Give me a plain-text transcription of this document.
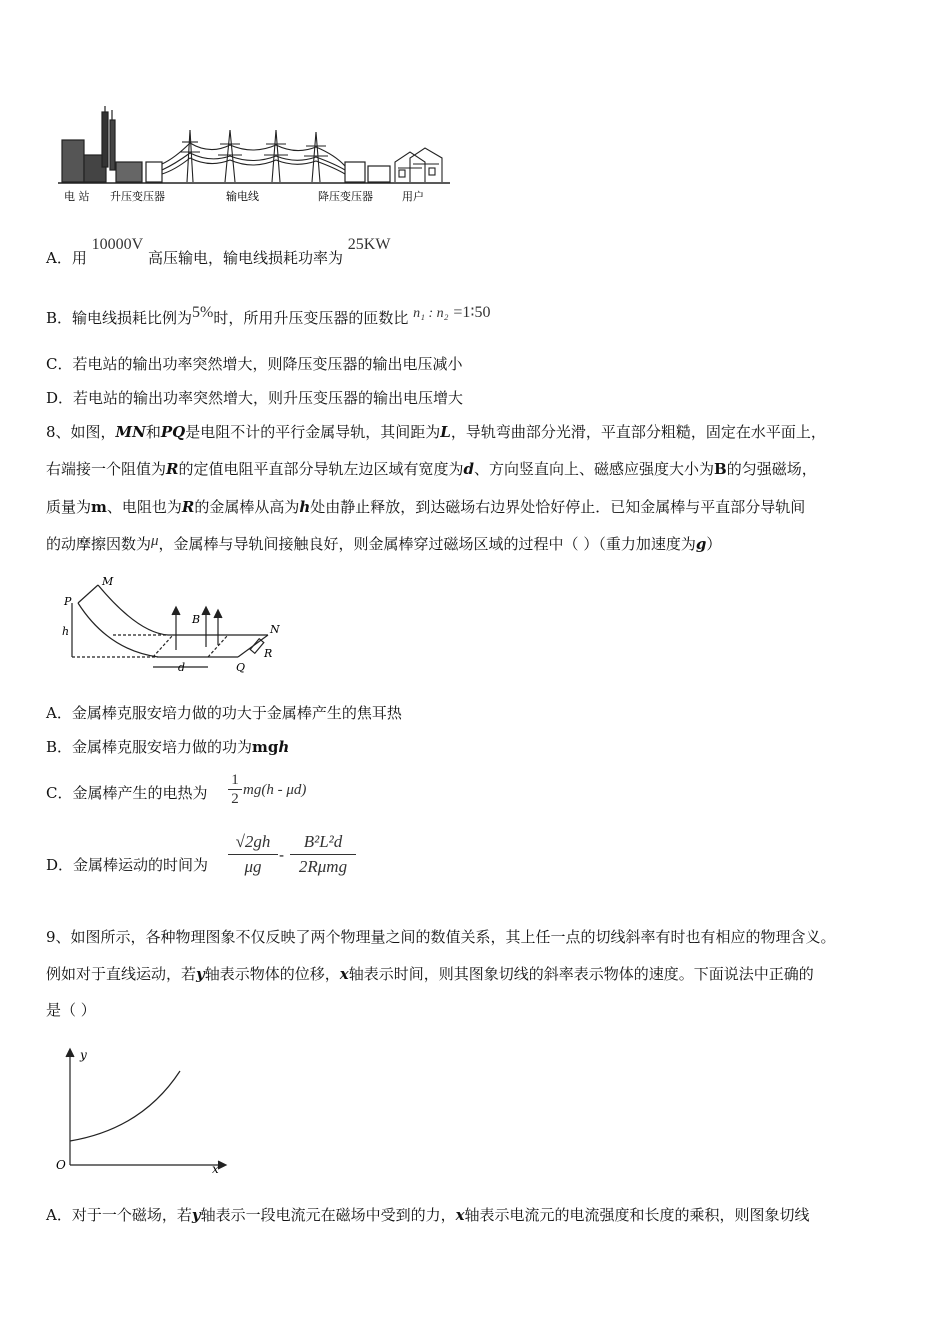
电 站 升压变压器	输电线	降压变压器	用户
A．用 10000V 高压输电，输电线损耗功率为 25KW
B．输电线损耗比例为5%时，所用升压变压器的匝数比 n₁ : n₂ =1∶50
C．若电站的输出功率突然增大，则降压变压器的输出电压减小
D．若电站的输出功率突然增大，则升压变压器的输出电压增大
8、如图，MN和PQ是电阻不计的平行金属导轨，其间距为L，导轨弯曲部分光滑，平直部分粗糙，固定在水平面上，
右端接一个阻值为R的定值电阻平直部分导轨左边区域有宽度为d、方向竖直向上、磁感应强度大小为B的匀强磁场，
质量为m、电阻也为R的金属棒从高为h处由静止释放，到达磁场右边界处恰好停止．已知金属棒与平直部分导轨间
的动摩擦因数为μ，金属棒与导轨间接触良好，则金属棒穿过磁场区域的过程中（ ）（重力加速度为g）
M
P
h
B
N
d	Q
R
A．金属棒克服安培力做的功大于金属棒产生的焦耳热
B．金属棒克服安培力做的功为mgh
C．金属棒产生的电热为
1
2
mg(h - μd)
D．金属棒运动的时间为
√2gh
μg
-
B²L²d
2Rμmg
9、如图所示，各种物理图象不仅反映了两个物理量之间的数值关系，其上任一点的切线斜率有时也有相应的物理含义。
例如对于直线运动，若y轴表示物体的位移，x轴表示时间，则其图象切线的斜率表示物体的速度。下面说法中正确的
是（ ）
y
x
O
A．对于一个磁场，若y轴表示一段电流元在磁场中受到的力，x轴表示电流元的电流强度和长度的乘积，则图象切线
